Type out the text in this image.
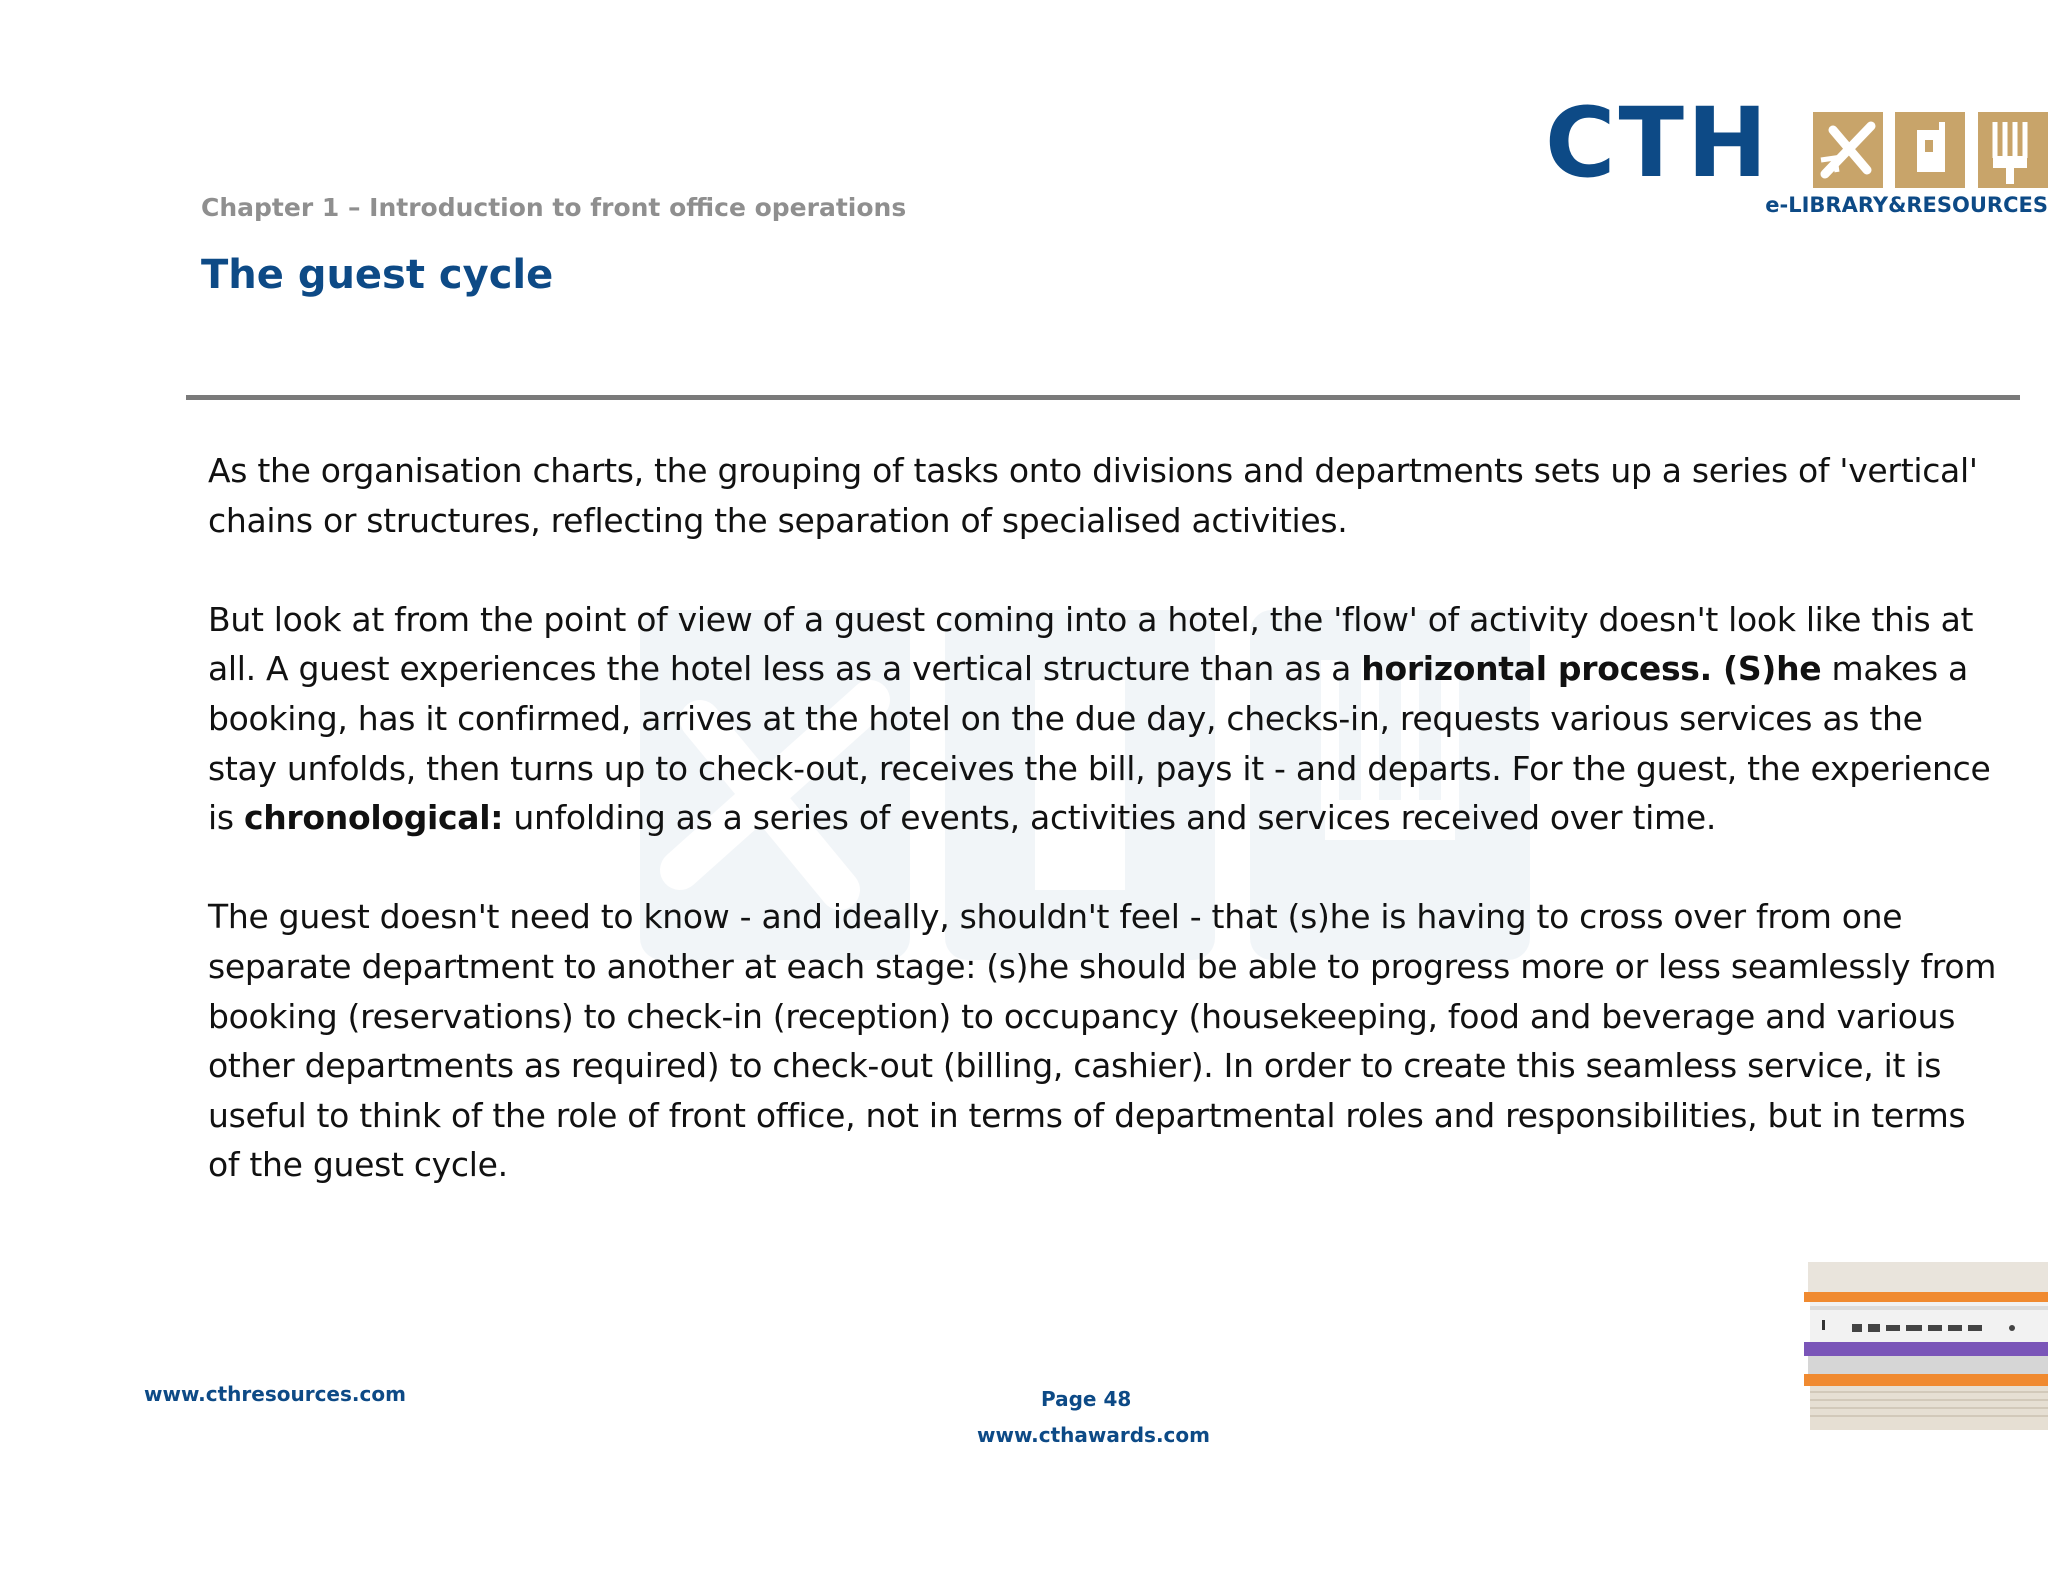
CTH
e-LIBRARY&RESOURCES
Chapter 1 – Introduction to front office operations
The guest cycle

As the organisation charts, the grouping of tasks onto divisions and departments sets up a series of 'vertical' chains or structures, reflecting the separation of specialised activities.

But look at from the point of view of a guest coming into a hotel, the 'flow' of activity doesn't look like this at all. A guest experiences the hotel less as a vertical structure than as a horizontal process. (S)he makes a booking, has it confirmed, arrives at the hotel on the due day, checks-in, requests various services as the stay unfolds, then turns up to check-out, receives the bill, pays it - and departs. For the guest, the experience is chronological: unfolding as a series of events, activities and services received over time.

The guest doesn't need to know - and ideally, shouldn't feel - that (s)he is having to cross over from one separate department to another at each stage: (s)he should be able to progress more or less seamlessly from booking (reservations) to check-in (reception) to occupancy (housekeeping, food and beverage and various other departments as required) to check-out (billing, cashier). In order to create this seamless service, it is useful to think of the role of front office, not in terms of departmental roles and responsibilities, but in terms of the guest cycle.

www.cthresources.com	Page 48
www.cthawards.com
